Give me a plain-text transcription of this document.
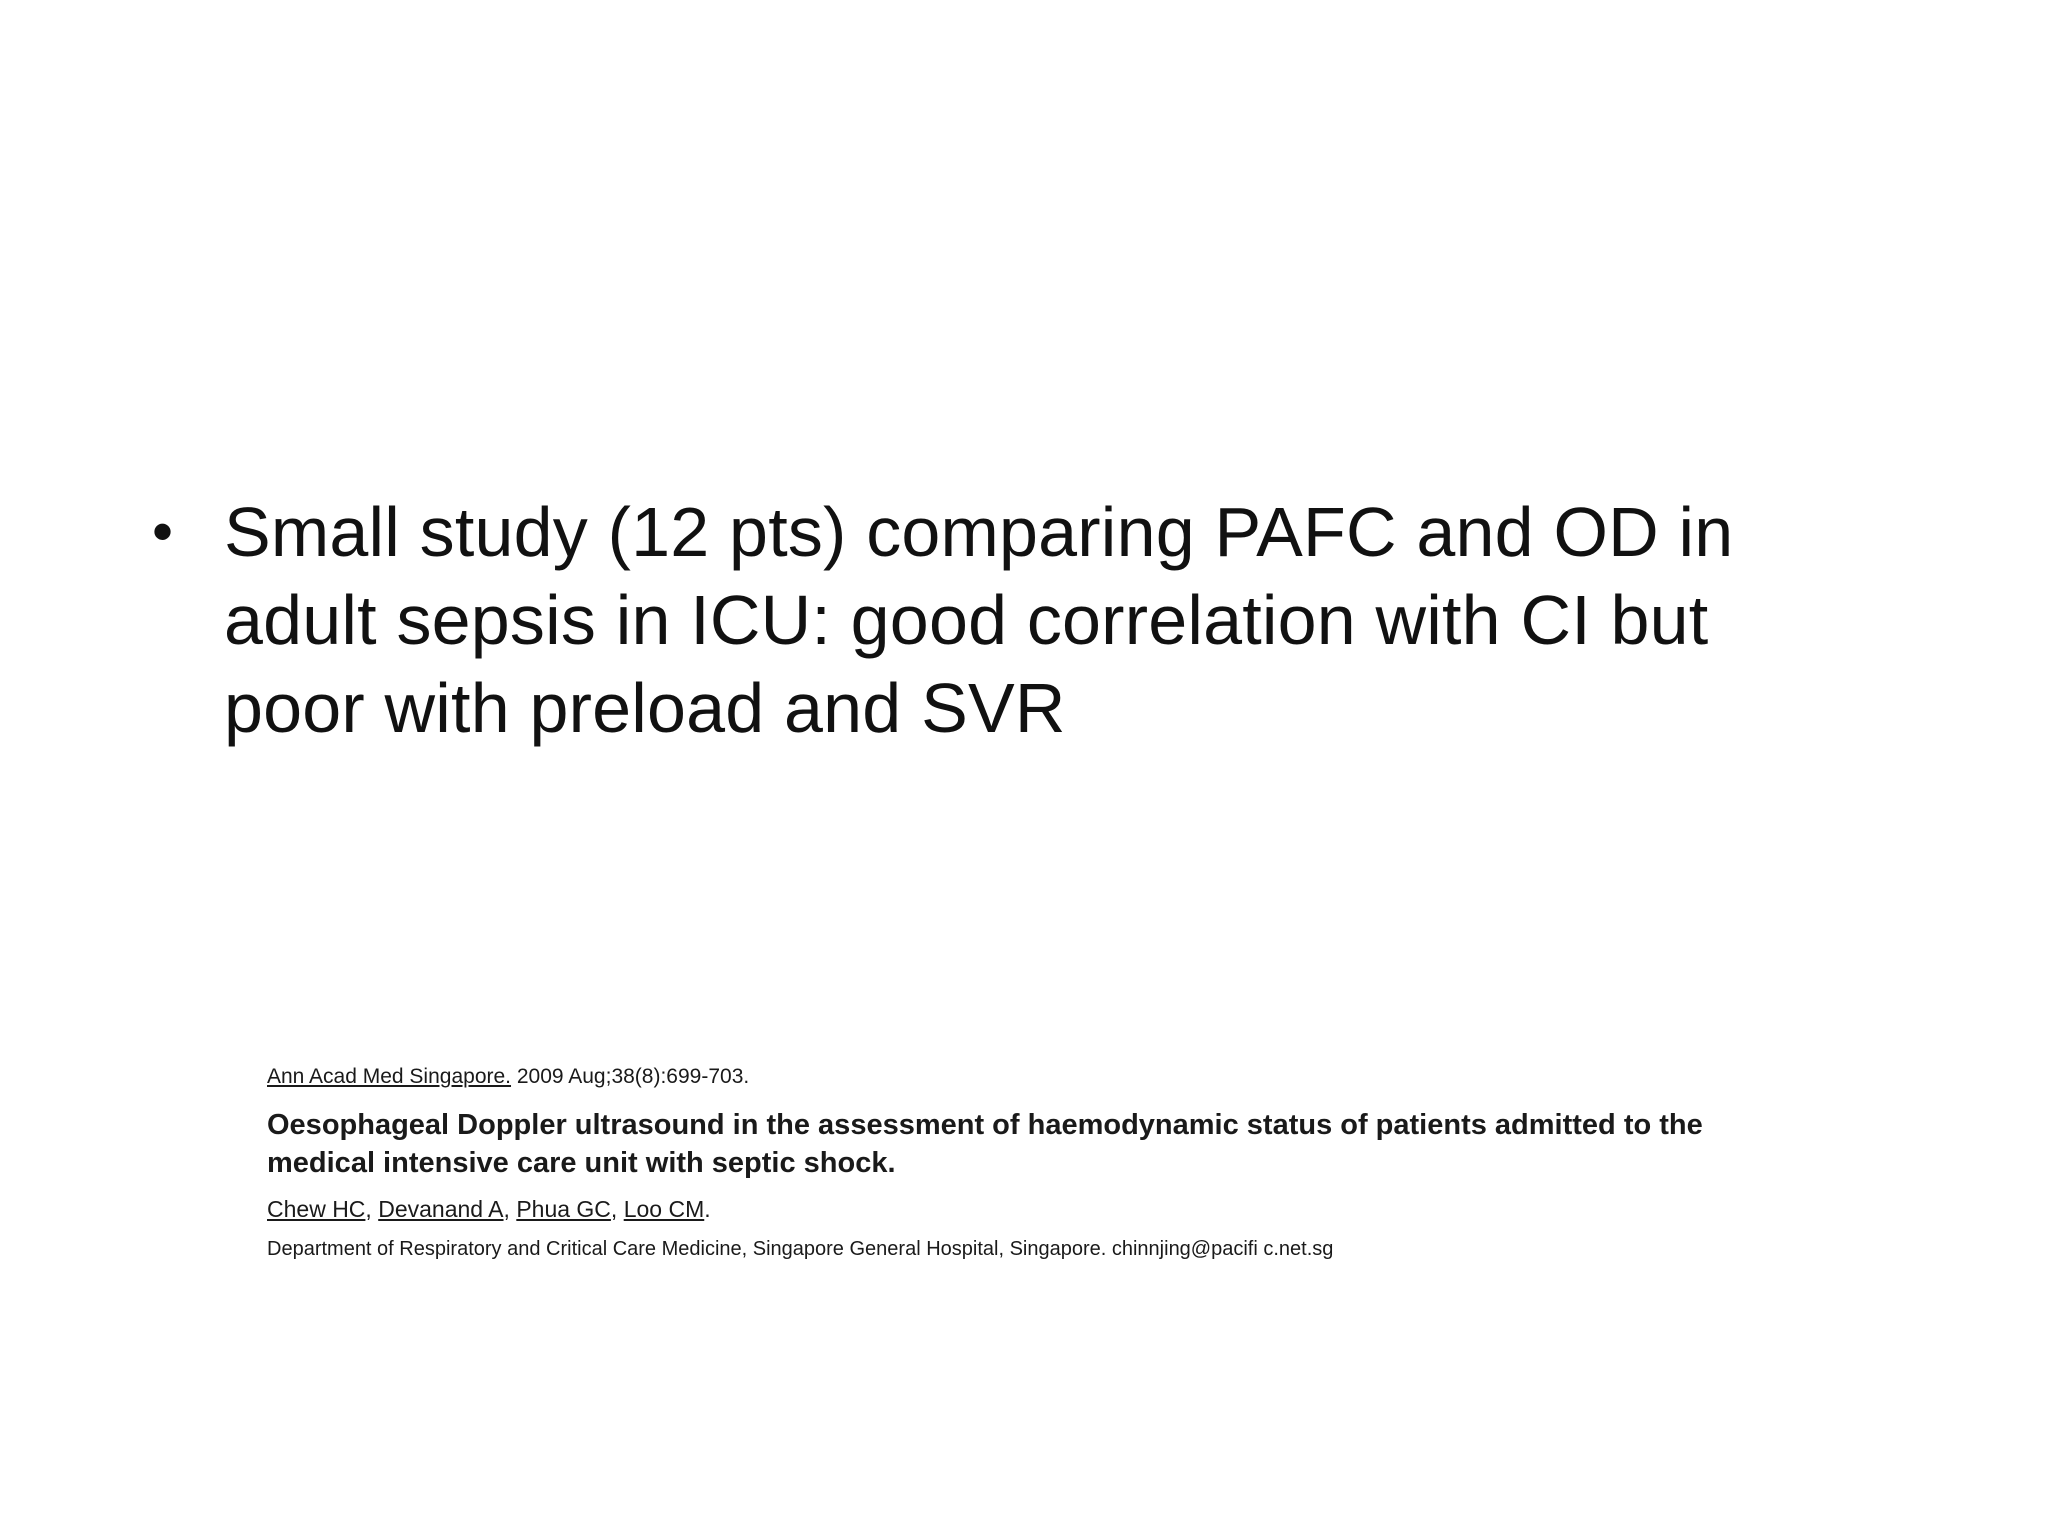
• Small study (12 pts) comparing PAFC and OD in adult sepsis in ICU: good correlation with CI but poor with preload and SVR
Ann Acad Med Singapore. 2009 Aug;38(8):699-703.
Oesophageal Doppler ultrasound in the assessment of haemodynamic status of patients admitted to the medical intensive care unit with septic shock.
Chew HC, Devanand A, Phua GC, Loo CM.
Department of Respiratory and Critical Care Medicine, Singapore General Hospital, Singapore. chinnjing@pacifi c.net.sg
